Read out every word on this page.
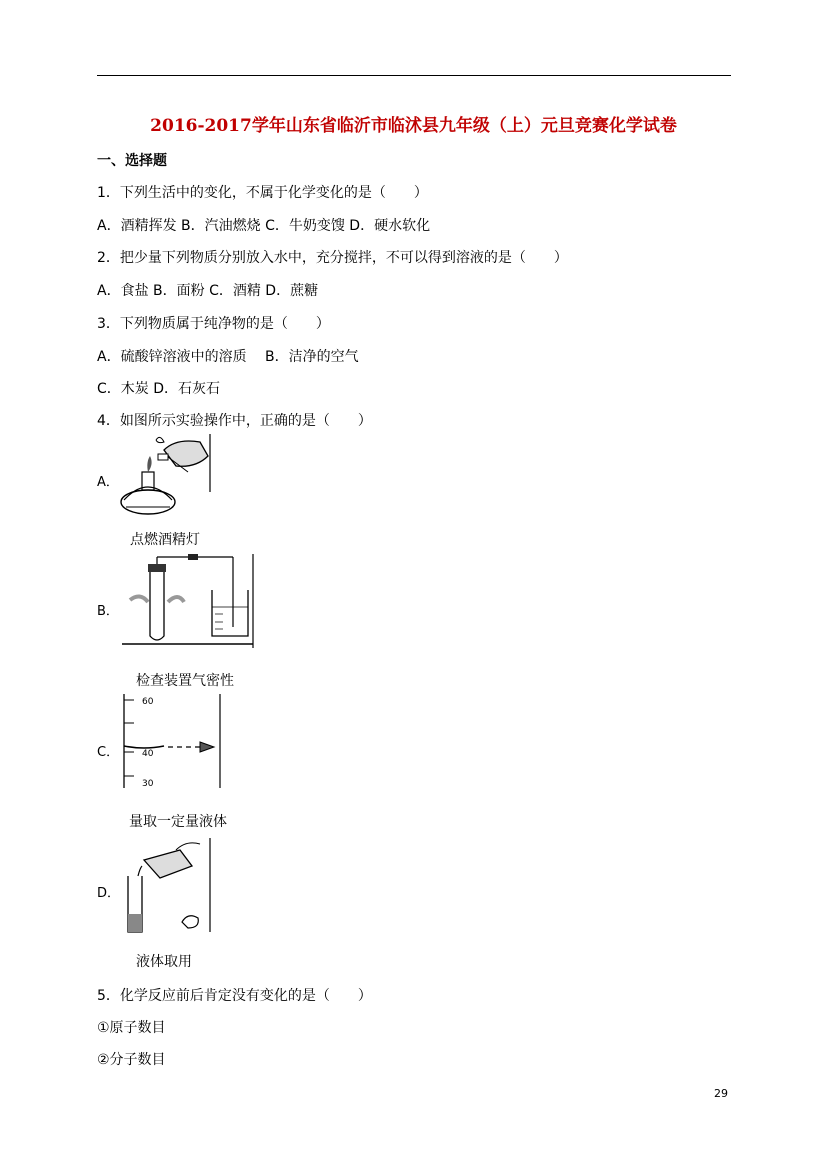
2016-2017学年山东省临沂市临沭县九年级（上）元旦竞赛化学试卷
一、选择题
1．下列生活中的变化，不属于化学变化的是（　　）
A．酒精挥发 B．汽油燃烧 C．牛奶变馊 D．硬水软化
2．把少量下列物质分别放入水中，充分搅拌，不可以得到溶液的是（　　）
A．食盐 B．面粉 C．酒精 D．蔗糖
3．下列物质属于纯净物的是（　　）
A．硫酸锌溶液中的溶质　 B．洁净的空气
C．木炭 D．石灰石
4．如图所示实验操作中，正确的是（　　）
A．
点燃酒精灯
B．
检查装置气密性
C．
60
40
30
量取一定量液体
D．
液体取用
5．化学反应前后肯定没有变化的是（　　）
①原子数目
②分子数目
29
